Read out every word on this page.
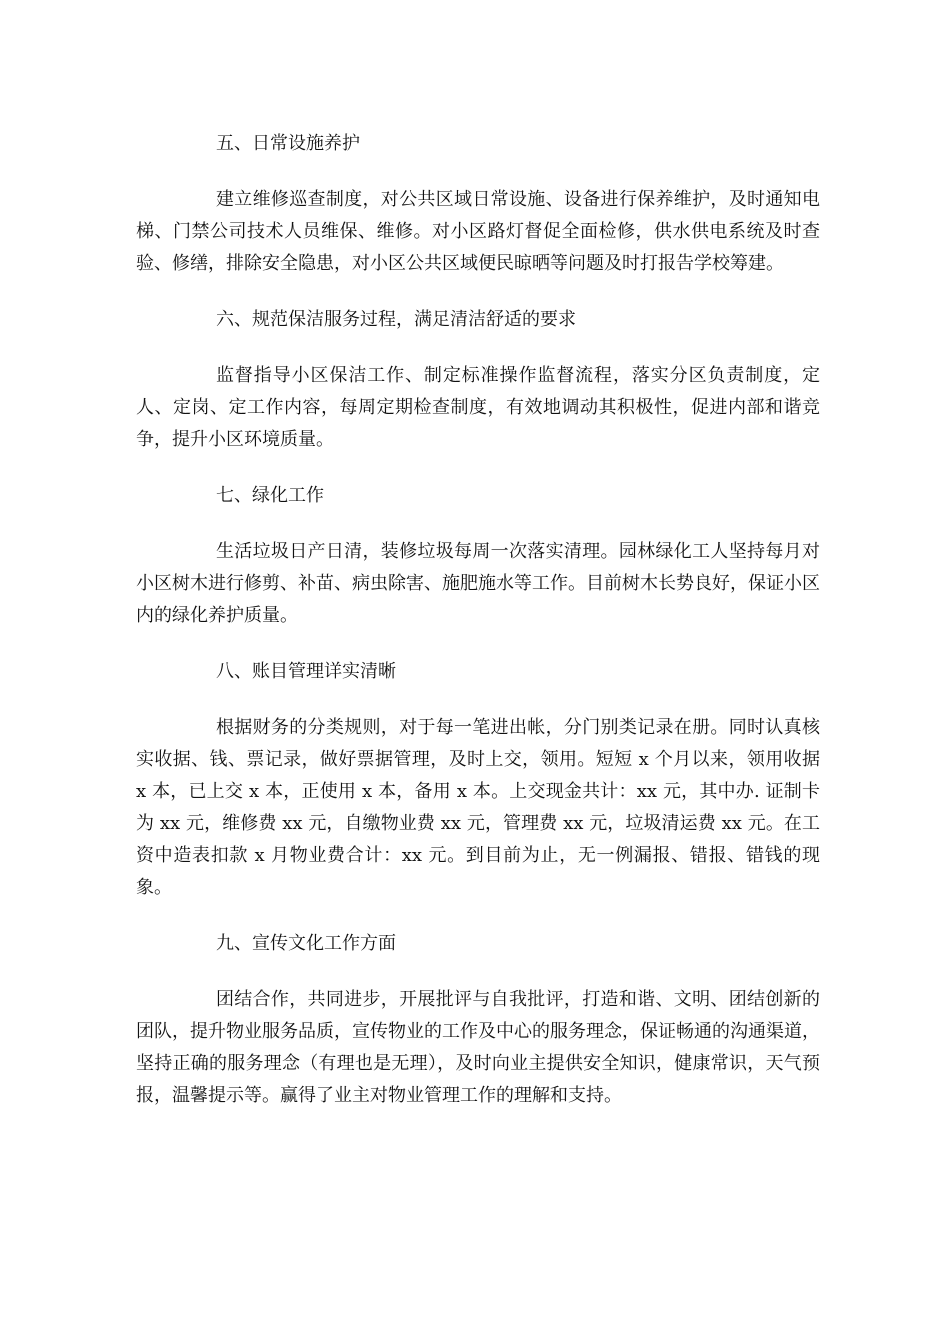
五、日常设施养护

建立维修巡查制度，对公共区域日常设施、设备进行保养维护，及时通知电梯、门禁公司技术人员维保、维修。对小区路灯督促全面检修，供水供电系统及时查验、修缮，排除安全隐患，对小区公共区域便民晾晒等问题及时打报告学校筹建。

六、规范保洁服务过程，满足清洁舒适的要求

监督指导小区保洁工作、制定标准操作监督流程，落实分区负责制度，定人、定岗、定工作内容，每周定期检查制度，有效地调动其积极性，促进内部和谐竞争，提升小区环境质量。

七、绿化工作

生活垃圾日产日清，装修垃圾每周一次落实清理。园林绿化工人坚持每月对小区树木进行修剪、补苗、病虫除害、施肥施水等工作。目前树木长势良好，保证小区内的绿化养护质量。

八、账目管理详实清晰

根据财务的分类规则，对于每一笔进出帐，分门别类记录在册。同时认真核实收据、钱、票记录，做好票据管理，及时上交，领用。短短 x 个月以来，领用收据 x 本，已上交 x 本，正使用 x 本，备用 x 本。上交现金共计：xx 元，其中办. 证制卡为 xx 元，维修费 xx 元，自缴物业费 xx 元，管理费 xx 元，垃圾清运费 xx 元。在工资中造表扣款 x 月物业费合计：xx 元。到目前为止，无一例漏报、错报、错钱的现象。

九、宣传文化工作方面

团结合作，共同进步，开展批评与自我批评，打造和谐、文明、团结创新的团队，提升物业服务品质，宣传物业的工作及中心的服务理念，保证畅通的沟通渠道，坚持正确的服务理念（有理也是无理），及时向业主提供安全知识，健康常识，天气预报，温馨提示等。赢得了业主对物业管理工作的理解和支持。
